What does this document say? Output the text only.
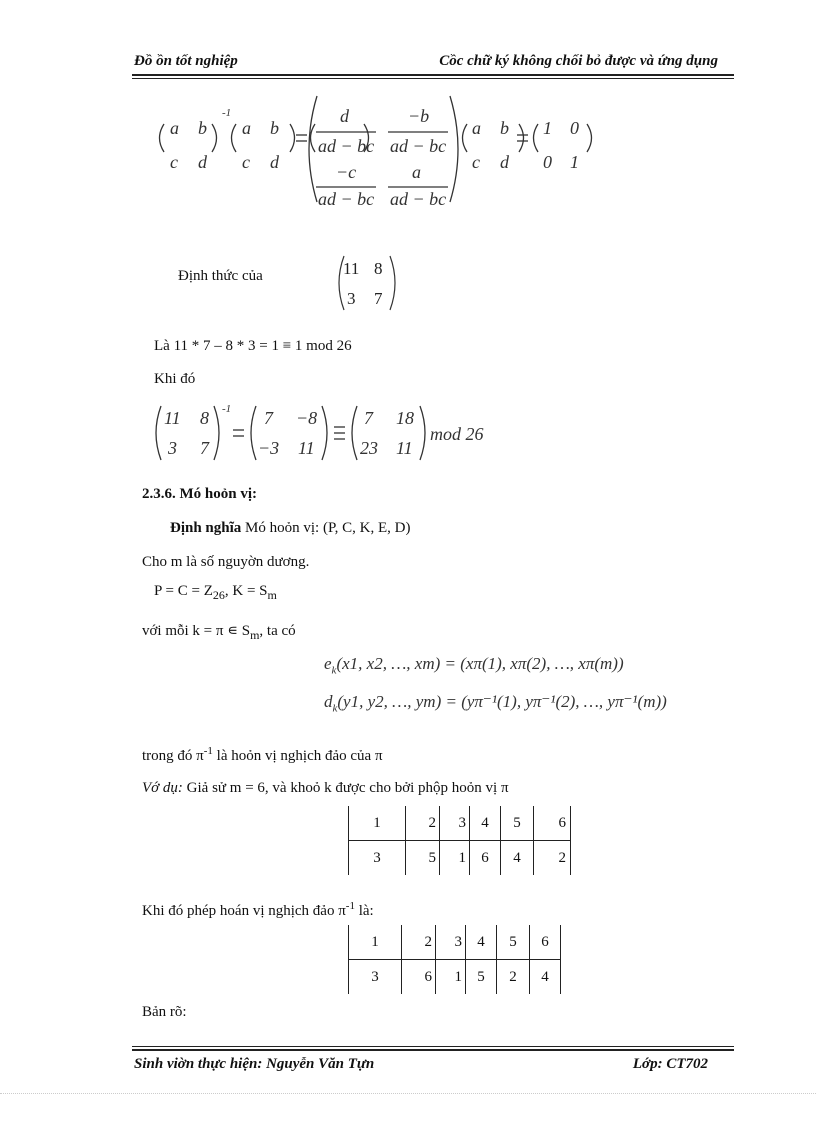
Đồ ồn tốt nghiệp	Cồc chữ ký không chối bỏ được và ứng dụng
a b
c d
-1
a b
c d
d	−b
ad − bc ad − bc
−c	a
ad − bc ad − bc
a b
c d
1 0
0 1
Định thức của	11 8
3 7
Là 11 * 7 – 8 * 3 = 1 ≡ 1 mod 26
Khi đó
11 8
3 7
-1 7 −8
−3 11
7 18
23 11
mod 26
2.3.6. Mó hoỏn vị:
Định nghĩa Mó hoỏn vị: (P, C, K, E, D)
Cho m là số nguyờn dương.
$P = C = Z_{26}$, $K = S_m$
với mỗi k = π ∊ $S_m$, ta có
$e_k(x1$, x2, …, xm) = (xπ(1), xπ(2), …, xπ(m))
$d_k(y1$, y2, …, ym) = (yπ⁻¹(1), yπ⁻¹(2), …, yπ⁻¹(m))
trong đó $\pi^{-1}$ là hoỏn vị nghịch đảo của π
Vớ dụ: Giả sử m = 6, và khoỏ k được cho bởi phộp hoỏn vị π
1	2	3	4	5	6
3	5	1	6	4	2
Khi đó phép hoán vị nghịch đảo $\pi^{-1}$ là:
1	2	3	4	5	6
3	6	1	5	2	4
Bản rõ:
Sinh viờn thực hiện: Nguyễn Văn Tựn	Lớp: CT702
